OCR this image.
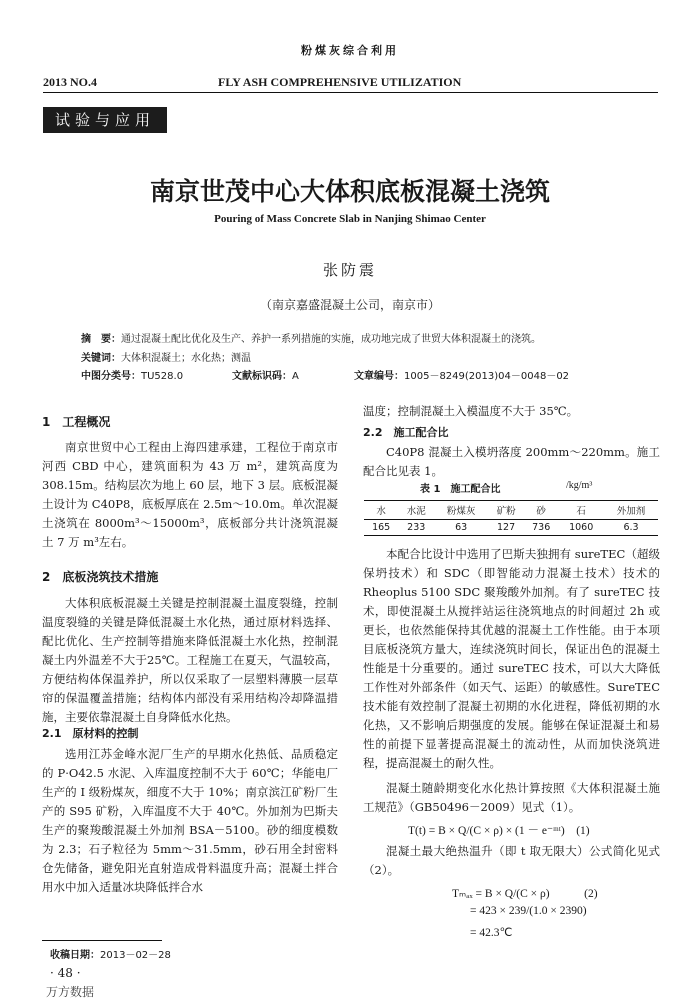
粉煤灰综合利用
2013 NO.4	FLY ASH COMPREHENSIVE UTILIZATION
试验与应用
南京世茂中心大体积底板混凝土浇筑
Pouring of Mass Concrete Slab in Nanjing Shimao Center
张防震
（南京嘉盛混凝土公司，南京市）
摘　要：通过混凝土配比优化及生产、养护一系列措施的实施，成功地完成了世贸大体积混凝土的浇筑。
关键词：大体积混凝土；水化热；测温
中图分类号：TU528.0	文献标识码：A	文章编号：1005－8249(2013)04－0048－02
1　工程概况
南京世贸中心工程由上海四建承建，工程位于南京市河西 CBD 中心，建筑面积为 43 万 m²，建筑高度为 308.15m。结构层次为地上 60 层，地下 3 层。底板混凝土设计为 C40P8，底板厚底在 2.5m～10.0m。单次混凝土浇筑在 8000m³～15000m³，底板部分共计浇筑混凝土 7 万 m³左右。
2　底板浇筑技术措施
大体积底板混凝土关键是控制混凝土温度裂缝，控制温度裂缝的关键是降低混凝土水化热，通过原材料选择、配比优化、生产控制等措施来降低混凝土水化热，控制混凝土内外温差不大于25℃。工程施工在夏天，气温较高，方便结构体保温养护，所以仅采取了一层塑料薄膜一层草帘的保温覆盖措施；结构体内部没有采用结构冷却降温措施，主要依靠混凝土自身降低水化热。
2.1　原材料的控制
选用江苏金峰水泥厂生产的早期水化热低、品质稳定的 P·O42.5 水泥、入库温度控制不大于 60℃；华能电厂生产的 I 级粉煤灰，细度不大于 10%；南京滨江矿粉厂生产的 S95 矿粉，入库温度不大于 40℃。外加剂为巴斯夫生产的聚羧酸混凝土外加剂 BSA－5100。砂的细度模数为 2.3；石子粒径为 5mm～31.5mm，砂石用全封密料仓先储备，避免阳光直射造成骨料温度升高；混凝土拌合用水中加入适量冰块降低拌合水
温度；控制混凝土入模温度不大于 35℃。
2.2　施工配合比
C40P8 混凝土入模坍落度 200mm～220mm。施工配合比见表 1。
表 1　施工配合比	/kg/m³
水	水泥	粉煤灰	矿粉	砂	石	外加剂
165	233	63	127	736	1060	6.3
本配合比设计中选用了巴斯夫独拥有 sureTEC（超级保坍技术）和 SDC（即智能动力混凝土技术）技术的 Rheoplus 5100 SDC 聚羧酸外加剂。有了 sureTEC 技术，即使混凝土从搅拌站运往浇筑地点的时间超过 2h 或更长，也依然能保持其优越的混凝土工作性能。由于本项目底板浇筑方量大，连续浇筑时间长，保证出色的混凝土性能是十分重要的。通过 sureTEC 技术，可以大大降低工作性对外部条件（如天气、运距）的敏感性。SureTEC 技术能有效控制了混凝土初期的水化进程，降低初期的水化热，又不影响后期强度的发展。能够在保证混凝土和易性的前提下显著提高混凝土的流动性，从而加快浇筑进程，提高混凝土的耐久性。
混凝土随龄期变化水化热计算按照《大体积混凝土施工规范》（GB50496－2009）见式（1）。
T(t) = B × Q/(C × ρ) × (1 － e⁻ᵐᵗ)　(1)
混凝土最大绝热温升（即 t 取无限大）公式简化见式（2）。
Tₘₐₓ = B × Q/(C × ρ)　　　(2)
= 423 × 239/(1.0 × 2390)
= 42.3℃
收稿日期：2013－02－28
· 48 ·
万方数据
